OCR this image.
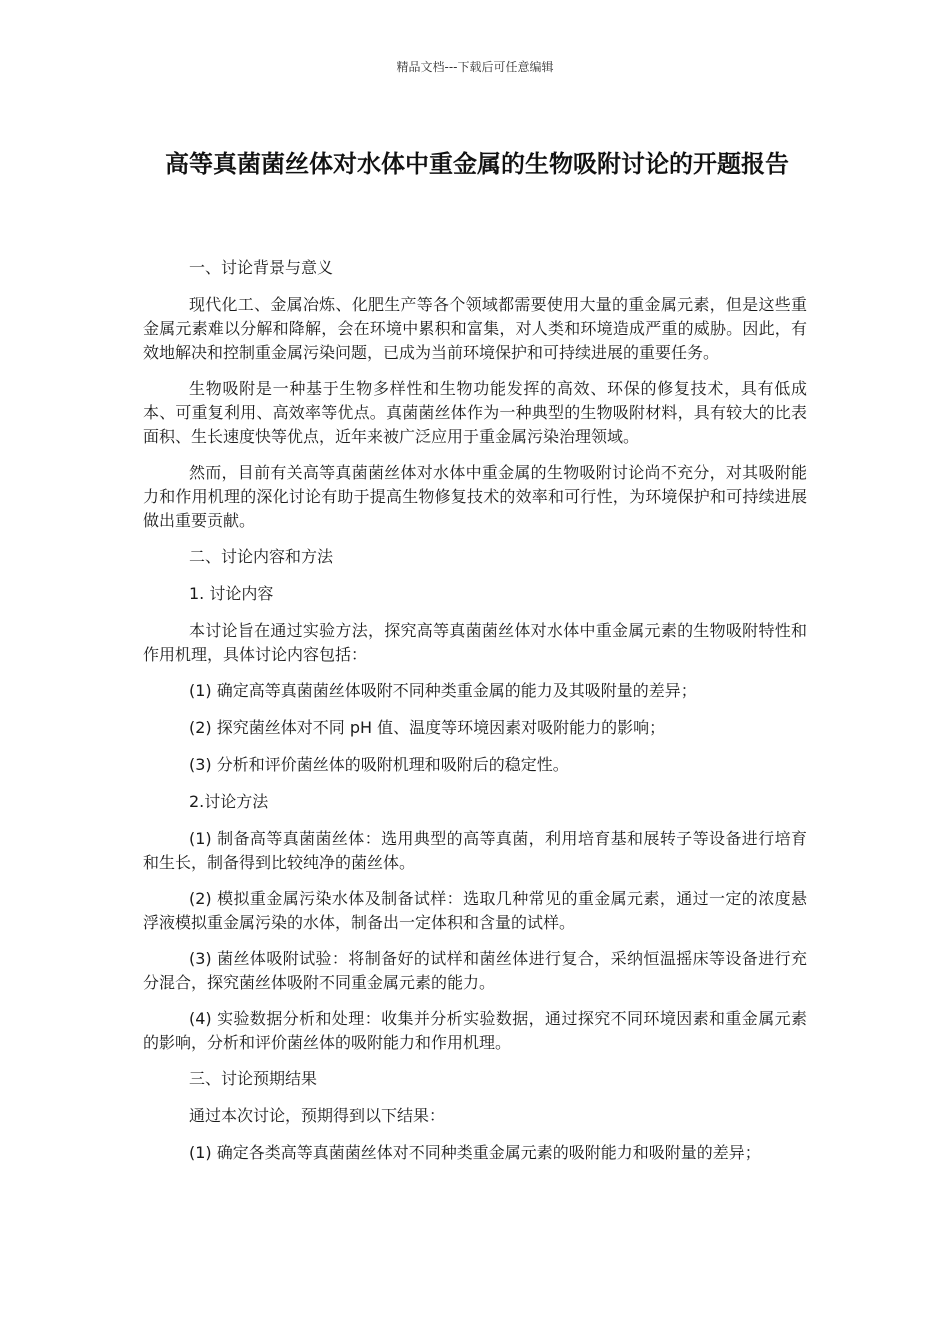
精品文档---下载后可任意编辑
高等真菌菌丝体对水体中重金属的生物吸附讨论的开题报告

一、讨论背景与意义

现代化工、金属冶炼、化肥生产等各个领域都需要使用大量的重金属元素，但是这些重金属元素难以分解和降解，会在环境中累积和富集，对人类和环境造成严重的威胁。因此，有效地解决和控制重金属污染问题，已成为当前环境保护和可持续进展的重要任务。

生物吸附是一种基于生物多样性和生物功能发挥的高效、环保的修复技术，具有低成本、可重复利用、高效率等优点。真菌菌丝体作为一种典型的生物吸附材料，具有较大的比表面积、生长速度快等优点，近年来被广泛应用于重金属污染治理领域。

然而，目前有关高等真菌菌丝体对水体中重金属的生物吸附讨论尚不充分，对其吸附能力和作用机理的深化讨论有助于提高生物修复技术的效率和可行性，为环境保护和可持续进展做出重要贡献。

二、讨论内容和方法

1. 讨论内容

本讨论旨在通过实验方法，探究高等真菌菌丝体对水体中重金属元素的生物吸附特性和作用机理，具体讨论内容包括：

(1) 确定高等真菌菌丝体吸附不同种类重金属的能力及其吸附量的差异；

(2) 探究菌丝体对不同 pH 值、温度等环境因素对吸附能力的影响；

(3) 分析和评价菌丝体的吸附机理和吸附后的稳定性。

2.讨论方法

(1) 制备高等真菌菌丝体：选用典型的高等真菌，利用培育基和展转子等设备进行培育和生长，制备得到比较纯净的菌丝体。

(2) 模拟重金属污染水体及制备试样：选取几种常见的重金属元素，通过一定的浓度悬浮液模拟重金属污染的水体，制备出一定体积和含量的试样。

(3) 菌丝体吸附试验：将制备好的试样和菌丝体进行复合，采纳恒温摇床等设备进行充分混合，探究菌丝体吸附不同重金属元素的能力。

(4) 实验数据分析和处理：收集并分析实验数据，通过探究不同环境因素和重金属元素的影响，分析和评价菌丝体的吸附能力和作用机理。

三、讨论预期结果

通过本次讨论，预期得到以下结果：

(1) 确定各类高等真菌菌丝体对不同种类重金属元素的吸附能力和吸附量的差异；
